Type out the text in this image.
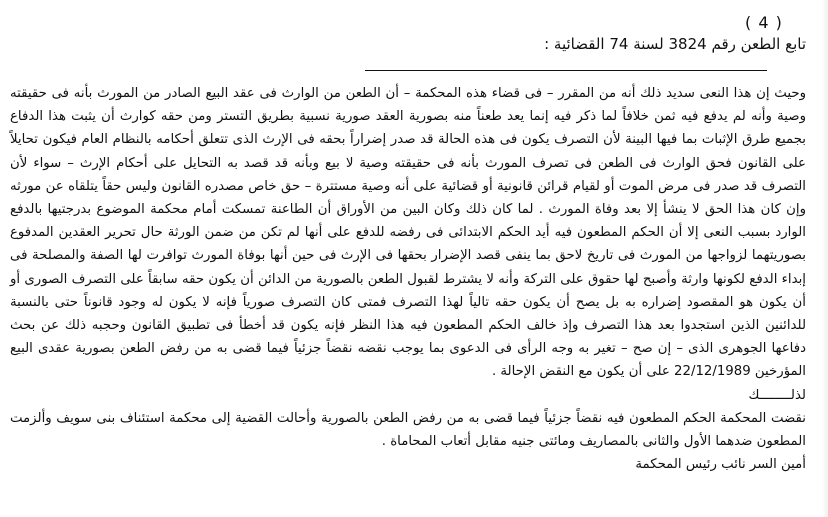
( 4 )
تابع الطعن رقم 3824 لسنة 74 القضائية :

وحيث إن هذا النعى سديد ذلك أنه من المقرر – فى قضاء هذه المحكمة – أن الطعن من الوارث فى عقد البيع الصادر من المورث بأنه فى حقيقته وصية وأنه لم يدفع فيه ثمن خلافاً لما ذكر فيه إنما يعد طعناً منه بصورية العقد صورية نسبية بطريق التستر ومن حقه كوارث أن يثبت هذا الدفاع بجميع طرق الإثبات بما فيها البينة لأن التصرف يكون فى هذه الحالة قد صدر إضراراً بحقه فى الإرث الذى تتعلق أحكامه بالنظام العام فيكون تحايلاً على القانون فحق الوارث فى الطعن فى تصرف المورث بأنه فى حقيقته وصية لا بيع وبأنه قد قصد به التحايل على أحكام الإرث – سواء لأن التصرف قد صدر فى مرض الموت أو لقيام قرائن قانونية أو قضائية على أنه وصية مستترة – حق خاص مصدره القانون وليس حقاً يتلقاه عن مورثه وإن كان هذا الحق لا ينشأ إلا بعد وفاة المورث . لما كان ذلك وكان البين من الأوراق أن الطاعنة تمسكت أمام محكمة الموضوع بدرجتيها بالدفع الوارد بسبب النعى إلا أن الحكم المطعون فيه أيد الحكم الابتدائى فى رفضه للدفع على أنها لم تكن من ضمن الورثة حال تحرير العقدين المدفوع بصوريتهما لزواجها من المورث فى تاريخ لاحق بما ينفى قصد الإضرار بحقها فى الإرث فى حين أنها بوفاة المورث توافرت لها الصفة والمصلحة فى إبداء الدفع لكونها وارثة وأصبح لها حقوق على التركة وأنه لا يشترط لقبول الطعن بالصورية من الدائن أن يكون حقه سابقاً على التصرف الصورى أو أن يكون هو المقصود إضراره به بل يصح أن يكون حقه تالياً لهذا التصرف فمتى كان التصرف صورياً فإنه لا يكون له وجود قانوناً حتى بالنسبة للدائنين الذين استجدوا بعد هذا التصرف وإذ خالف الحكم المطعون فيه هذا النظر فإنه يكون قد أخطأ فى تطبيق القانون وحجبه ذلك عن بحث دفاعها الجوهرى الذى – إن صح – تغير به وجه الرأى فى الدعوى بما يوجب نقضه نقضاً جزئياً فيما قضى به من رفض الطعن بصورية عقدى البيع المؤرخين 22/12/1989 على أن يكون مع النقض الإحالة .

لذلــــــــك

نقضت المحكمة الحكم المطعون فيه نقضاً جزئياً فيما قضى به من رفض الطعن بالصورية وأحالت القضية إلى محكمة استئناف بنى سويف وألزمت المطعون ضدهما الأول والثانى بالمصاريف ومائتى جنيه مقابل أتعاب المحاماة .

أمين السر نائب رئيس المحكمة
